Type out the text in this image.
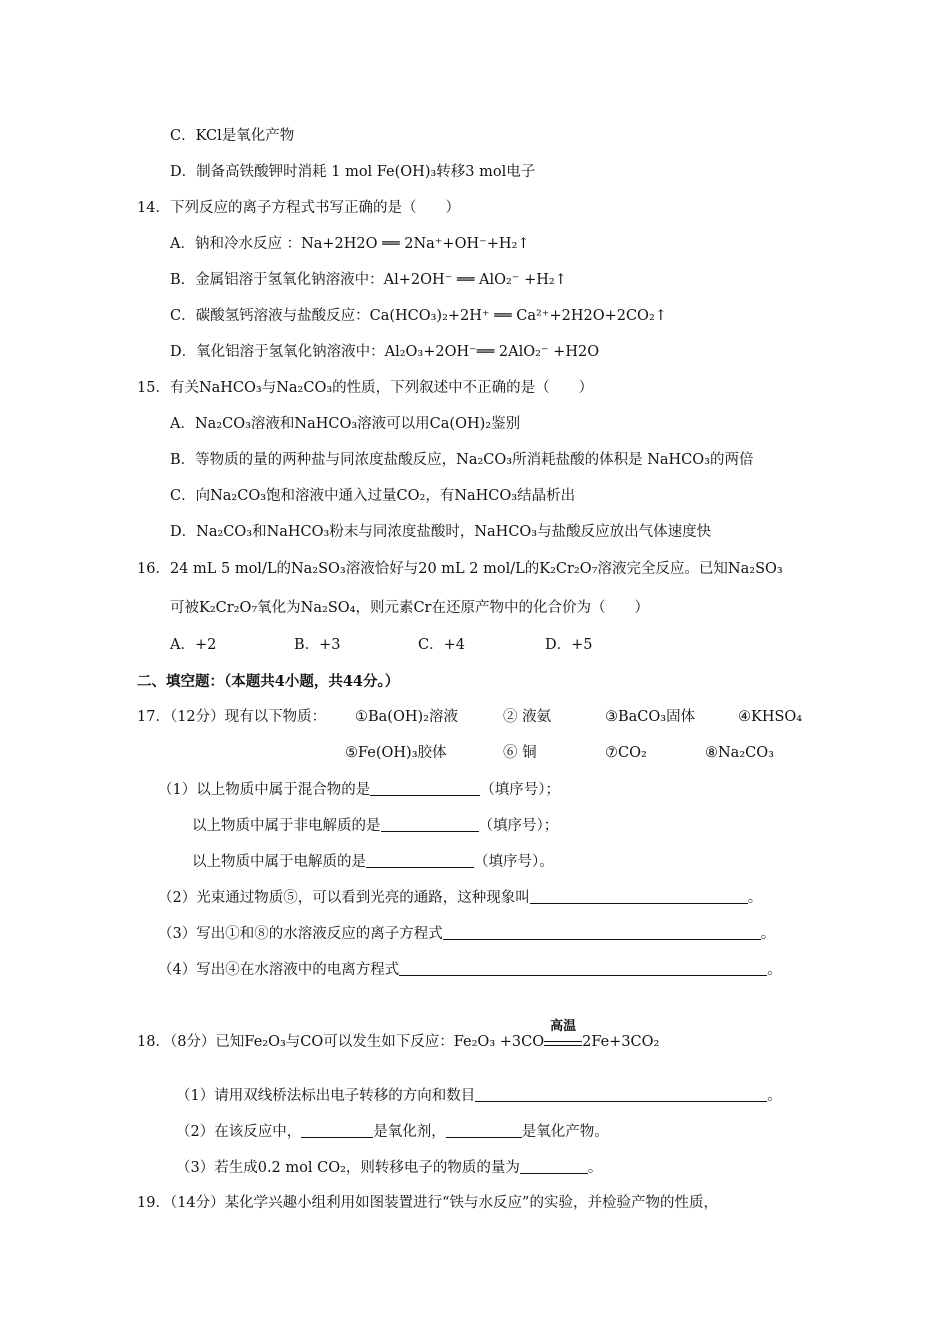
C．KCl是氧化产物
D．制备高铁酸钾时消耗 1 mol Fe(OH)₃转移3 mol电子
14．下列反应的离子方程式书写正确的是（　　）
A．钠和冷水反应 ：Na+2H2O ══ 2Na⁺+OH⁻+H₂↑
B．金属铝溶于氢氧化钠溶液中：Al+2OH⁻ ══ AlO₂⁻ +H₂↑
C．碳酸氢钙溶液与盐酸反应：Ca(HCO₃)₂+2H⁺ ══ Ca²⁺+2H2O+2CO₂↑
D．氧化铝溶于氢氧化钠溶液中：Al₂O₃+2OH⁻══ 2AlO₂⁻ +H2O
15．有关NaHCO₃与Na₂CO₃的性质，下列叙述中不正确的是（　　）
A．Na₂CO₃溶液和NaHCO₃溶液可以用Ca(OH)₂鉴别
B．等物质的量的两种盐与同浓度盐酸反应，Na₂CO₃所消耗盐酸的体积是 NaHCO₃的两倍
C．向Na₂CO₃饱和溶液中通入过量CO₂，有NaHCO₃结晶析出
D．Na₂CO₃和NaHCO₃粉末与同浓度盐酸时，NaHCO₃与盐酸反应放出气体速度快
16．24 mL 5 mol/L的Na₂SO₃溶液恰好与20 mL 2 mol/L的K₂Cr₂O₇溶液完全反应。已知Na₂SO₃
可被K₂Cr₂O₇氧化为Na₂SO₄，则元素Cr在还原产物中的化合价为（　　）
A．+2	B．+3	C．+4	D．+5
二、填空题：（本题共4小题，共44分。）
17．（12分）现有以下物质： ①Ba(OH)₂溶液	② 液氨	③BaCO₃固体	④KHSO₄
⑤Fe(OH)₃胶体	⑥ 铜	⑦CO₂	⑧Na₂CO₃
（1）以上物质中属于混合物的是	（填序号）；
以上物质中属于非电解质的是	（填序号）；
以上物质中属于电解质的是	（填序号）。
（2）光束通过物质⑤，可以看到光亮的通路，这种现象叫	。
（3）写出①和⑧的水溶液反应的离子方程式	。
（4）写出④在水溶液中的电离方程式	。
18．（8分）已知Fe₂O₃与CO可以发生如下反应：Fe₂O₃ +3CO
高温
2Fe+3CO₂
（1）请用双线桥法标出电子转移的方向和数目	。
（2）在该反应中，	是氧化剂，	是氧化产物。
（3）若生成0.2 mol CO₂，则转移电子的物质的量为	。
19．（14分）某化学兴趣小组利用如图装置进行“铁与水反应”的实验，并检验产物的性质，
